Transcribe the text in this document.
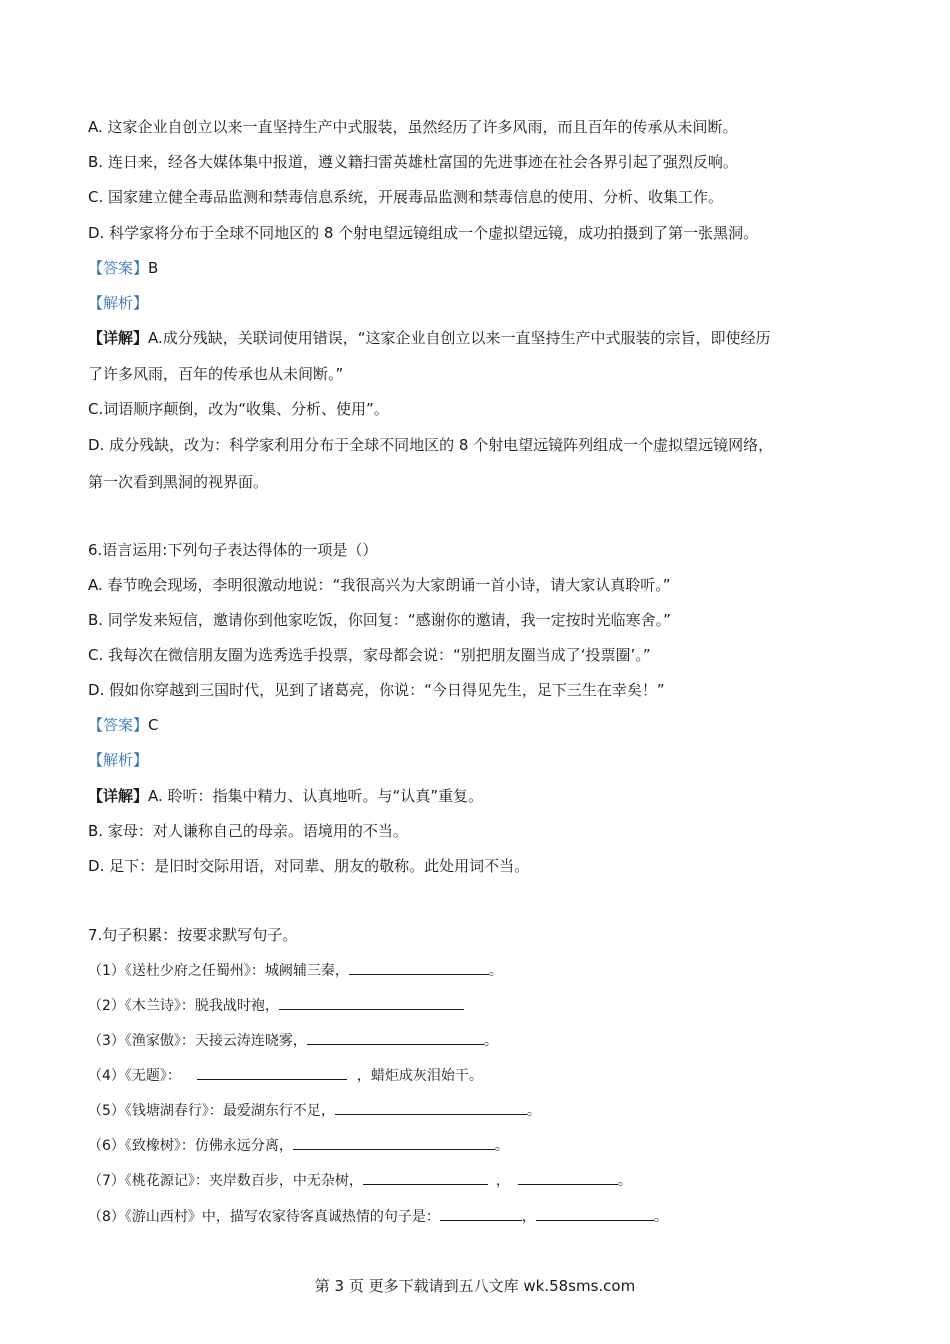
A. 这家企业自创立以来一直坚持生产中式服装，虽然经历了许多风雨，而且百年的传承从未间断。
B. 连日来，经各大媒体集中报道，遵义籍扫雷英雄杜富国的先进事迹在社会各界引起了强烈反响。
C. 国家建立健全毒品监测和禁毒信息系统，开展毒品监测和禁毒信息的使用、分析、收集工作。
D. 科学家将分布于全球不同地区的 8 个射电望远镜组成一个虚拟望远镜，成功拍摄到了第一张黑洞。
【答案】B
【解析】
【详解】A.成分残缺，关联词使用错误，“这家企业自创立以来一直坚持生产中式服装的宗旨，即使经历
了许多风雨，百年的传承也从未间断。”
C.词语顺序颠倒，改为“收集、分析、使用”。
D. 成分残缺，改为：科学家利用分布于全球不同地区的 8 个射电望远镜阵列组成一个虚拟望远镜网络，
第一次看到黑洞的视界面。
6.语言运用:下列句子表达得体的一项是（）
A. 春节晚会现场，李明很激动地说：“我很高兴为大家朗诵一首小诗，请大家认真聆听。”
B. 同学发来短信，邀请你到他家吃饭，你回复：“感谢你的邀请，我一定按时光临寒舍。”
C. 我每次在微信朋友圈为选秀选手投票，家母都会说：“别把朋友圈当成了‘投票圈’。”
D. 假如你穿越到三国时代，见到了诸葛亮，你说：“今日得见先生，足下三生在幸矣！”
【答案】C
【解析】
【详解】A. 聆听：指集中精力、认真地听。与“认真”重复。
B. 家母：对人谦称自己的母亲。语境用的不当。
D. 足下：是旧时交际用语，对同辈、朋友的敬称。此处用词不当。
7.句子积累：按要求默写句子。
（1）《送杜少府之任蜀州》：城阙辅三秦，	。
（2）《木兰诗》：脱我战时袍，
（3）《渔家傲》：天接云涛连晓雾，	。
（4）《无题》：	，蜡炬成灰泪始干。
（5）《钱塘湖春行》：最爱湖东行不足，	。
（6）《致橡树》：仿佛永远分离，	。
（7）《桃花源记》：夹岸数百步，中无杂树，	，	。
（8）《游山西村》中，描写农家待客真诚热情的句子是：	，	。
第 3 页 更多下载请到五八文库 wk.58sms.com
